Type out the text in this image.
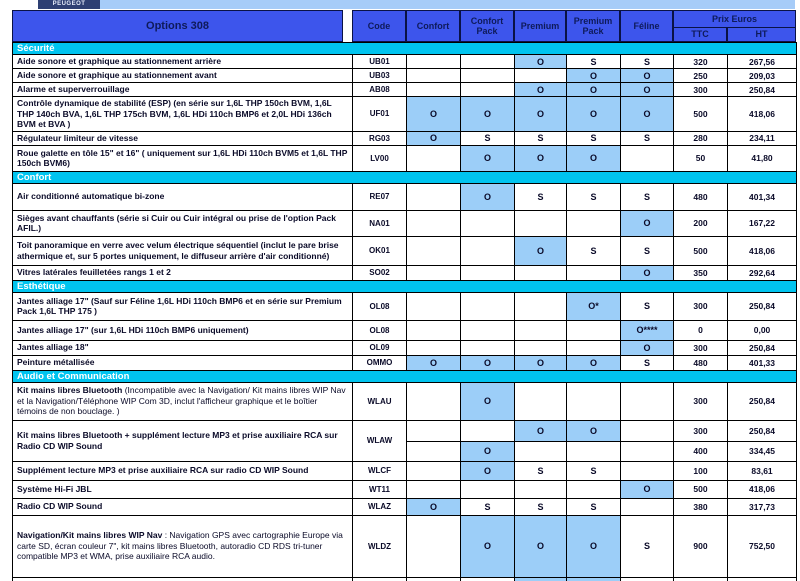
PEUGEOT
Options 308	Code	Confort	Confort Pack	Premium	Premium Pack	Féline
Prix Euros
TTC	HT
Sécurité								
Aide sonore et graphique au stationnement arrière	UB01			O	S	S	320	267,56
Aide sonore et graphique au stationnement avant	UB03				O	O	250	209,03
Alarme et superverrouillage	AB08			O	O	O	300	250,84
Contrôle dynamique de stabilité (ESP) (en série sur 1,6L THP 150ch BVM, 1,6L THP 140ch BVA, 1,6L THP 175ch BVM, 1,6L HDi 110ch BMP6 et 2,0L HDi 136ch BVM et BVA )	UF01	O	O	O	O	O	500	418,06
Régulateur limiteur de vitesse	RG03	O	S	S	S	S	280	234,11
Roue galette en tôle 15" et 16" ( uniquement sur 1,6L HDi 110ch BVM5 et 1,6L THP 150ch BVM6)	LV00		O	O	O		50	41,80
Confort								
Air conditionné automatique bi-zone	RE07		O	S	S	S	480	401,34
Sièges avant chauffants (série si Cuir ou Cuir intégral ou prise de l'option Pack AFIL.)	NA01					O	200	167,22
Toit panoramique en verre avec velum électrique séquentiel (inclut le pare brise athermique et, sur 5 portes uniquement, le diffuseur arrière d'air conditionné)	OK01			O	S	S	500	418,06
Vitres latérales feuilletées rangs 1 et 2	SO02					O	350	292,64
Esthétique								
Jantes alliage 17" (Sauf sur Féline 1,6L HDi 110ch BMP6 et en série sur Premium Pack 1,6L THP 175 )	OL08				O*	S	300	250,84
Jantes alliage 17" (sur 1,6L HDi 110ch BMP6 uniquement)	OL08					O****	0	0,00
Jantes alliage 18"	OL09					O	300	250,84
Peinture métallisée	OMMO	O	O	O	O	S	480	401,33
Audio et Communication								
Kit mains libres Bluetooth (Incompatible avec la Navigation/ Kit mains libres WIP Nav et la Navigation/Téléphone WIP Com 3D, inclut l'afficheur graphique et le boîtier témoins de non bouclage. )	WLAU		O				300	250,84
Kit mains libres Bluetooth + supplément lecture MP3 et prise auxiliaire RCA sur Radio CD WIP Sound	WLAW			O	O		300	250,84
			O				400	334,45
Supplément lecture MP3 et prise auxiliaire RCA sur radio CD WIP Sound	WLCF		O	S	S		100	83,61
Système Hi-Fi JBL	WT11					O	500	418,06
Radio CD WIP Sound	WLAZ	O	S	S	S		380	317,73
Navigation/Kit mains libres WIP Nav : Navigation GPS avec cartographie Europe via carte SD, écran couleur 7", kit mains libres Bluetooth, autoradio CD RDS tri-tuner compatible MP3 et WMA, prise auxiliaire RCA audio.	WLDZ		O	O	O	S	900	752,50
